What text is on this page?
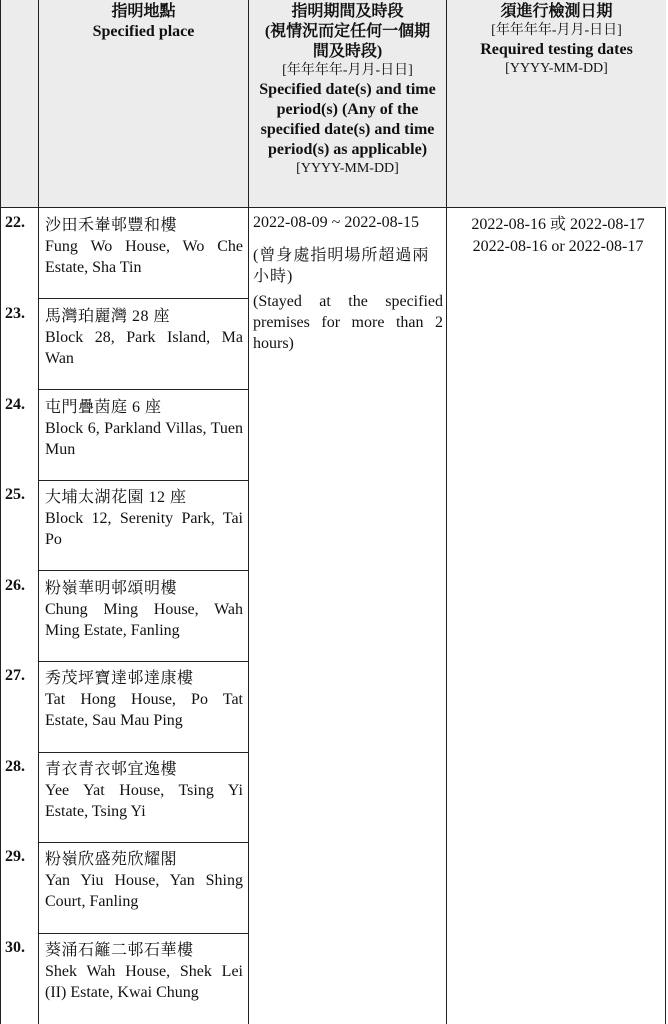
指明地點
Specified place
指明期間及時段
(視情況而定任何一個期間及時段)
[年年年年-月月-日日]
Specified date(s) and time period(s) (Any of the specified date(s) and time period(s) as applicable)
[YYYY-MM-DD]
須進行檢測日期
[年年年年-月月-日日]
Required testing dates
[YYYY-MM-DD]
22. 沙田禾輋邨豐和樓
Fung Wo House, Wo Che Estate, Sha Tin
23. 馬灣珀麗灣 28 座
Block 28, Park Island, Ma Wan
24. 屯門疊茵庭 6 座
Block 6, Parkland Villas, Tuen Mun
25. 大埔太湖花園 12 座
Block 12, Serenity Park, Tai Po
26. 粉嶺華明邨頌明樓
Chung Ming House, Wah Ming Estate, Fanling
27. 秀茂坪寶達邨達康樓
Tat Hong House, Po Tat Estate, Sau Mau Ping
28. 青衣青衣邨宜逸樓
Yee Yat House, Tsing Yi Estate, Tsing Yi
29. 粉嶺欣盛苑欣耀閣
Yan Yiu House, Yan Shing Court, Fanling
30. 葵涌石籬二邨石華樓
Shek Wah House, Shek Lei (II) Estate, Kwai Chung
2022-08-09 ~ 2022-08-15
(曾身處指明場所超過兩小時)
(Stayed at the specified premises for more than 2 hours)
2022-08-16 或 2022-08-17
2022-08-16 or 2022-08-17
